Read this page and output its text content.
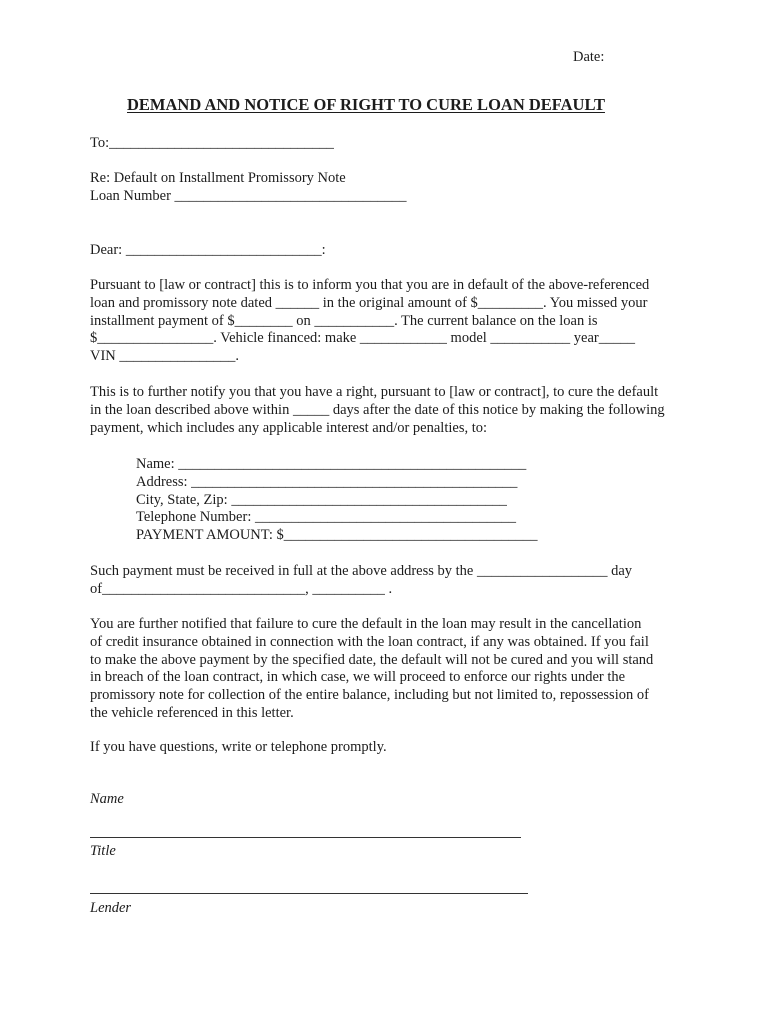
Date:
DEMAND AND NOTICE OF RIGHT TO CURE LOAN DEFAULT
To:_______________________________
Re: Default on Installment Promissory Note
Loan Number ________________________________
Dear: ___________________________:
Pursuant to [law or contract] this is to inform you that you are in default of the above-referenced
loan and promissory note dated ______ in the original amount of $_________. You missed your
installment payment of $________ on ___________. The current balance on the loan is
$________________. Vehicle financed: make ____________ model ___________ year_____
VIN ________________.
This is to further notify you that you have a right, pursuant to [law or contract], to cure the default
in the loan described above within _____ days after the date of this notice by making the following
payment, which includes any applicable interest and/or penalties, to:
Name: ________________________________________________
Address: _____________________________________________
City, State, Zip: ______________________________________
Telephone Number: ____________________________________
PAYMENT AMOUNT: $___________________________________
Such payment must be received in full at the above address by the __________________ day
of____________________________, __________ .
You are further notified that failure to cure the default in the loan may result in the cancellation
of credit insurance obtained in connection with the loan contract, if any was obtained. If you fail
to make the above payment by the specified date, the default will not be cured and you will stand
in breach of the loan contract, in which case, we will proceed to enforce our rights under the
promissory note for collection of the entire balance, including but not limited to, repossession of
the vehicle referenced in this letter.
If you have questions, write or telephone promptly.
Name
Title
Lender
